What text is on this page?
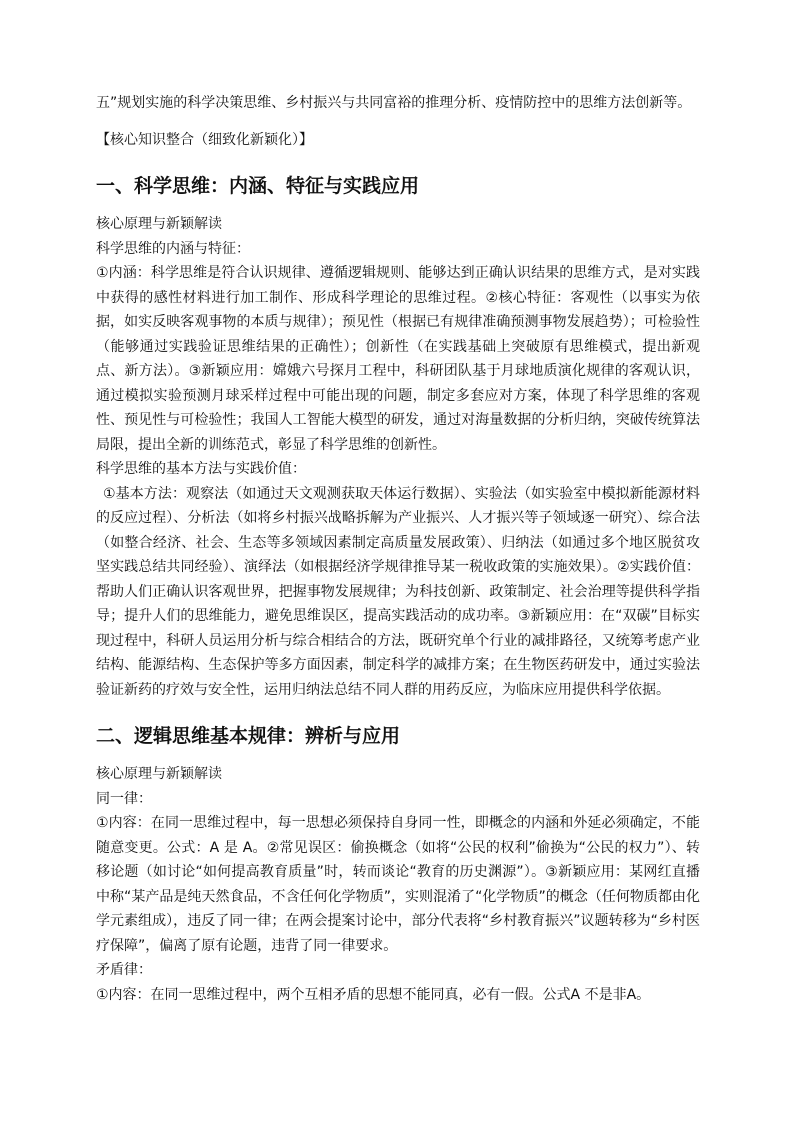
五”规划实施的科学决策思维、乡村振兴与共同富裕的推理分析、疫情防控中的思维方法创新等。

【核心知识整合（细致化新颖化）】

一、科学思维：内涵、特征与实践应用

核心原理与新颖解读

科学思维的内涵与特征：

①内涵：科学思维是符合认识规律、遵循逻辑规则、能够达到正确认识结果的思维方式，是对实践中获得的感性材料进行加工制作、形成科学理论的思维过程。②核心特征：客观性（以事实为依据，如实反映客观事物的本质与规律）；预见性（根据已有规律准确预测事物发展趋势）；可检验性（能够通过实践验证思维结果的正确性）；创新性（在实践基础上突破原有思维模式，提出新观点、新方法）。③新颖应用：嫦娥六号探月工程中，科研团队基于月球地质演化规律的客观认识，通过模拟实验预测月球采样过程中可能出现的问题，制定多套应对方案，体现了科学思维的客观性、预见性与可检验性；我国人工智能大模型的研发，通过对海量数据的分析归纳，突破传统算法局限，提出全新的训练范式，彰显了科学思维的创新性。

科学思维的基本方法与实践价值：

①基本方法：观察法（如通过天文观测获取天体运行数据）、实验法（如实验室中模拟新能源材料的反应过程）、分析法（如将乡村振兴战略拆解为产业振兴、人才振兴等子领域逐一研究）、综合法（如整合经济、社会、生态等多领域因素制定高质量发展政策）、归纳法（如通过多个地区脱贫攻坚实践总结共同经验）、演绎法（如根据经济学规律推导某一税收政策的实施效果）。②实践价值：帮助人们正确认识客观世界，把握事物发展规律；为科技创新、政策制定、社会治理等提供科学指导；提升人们的思维能力，避免思维误区，提高实践活动的成功率。③新颖应用：在“双碳”目标实现过程中，科研人员运用分析与综合相结合的方法，既研究单个行业的减排路径，又统筹考虑产业结构、能源结构、生态保护等多方面因素，制定科学的减排方案；在生物医药研发中，通过实验法验证新药的疗效与安全性，运用归纳法总结不同人群的用药反应，为临床应用提供科学依据。

二、逻辑思维基本规律：辨析与应用

核心原理与新颖解读

同一律：

①内容：在同一思维过程中，每一思想必须保持自身同一性，即概念的内涵和外延必须确定，不能随意变更。公式：A 是 A。②常见误区：偷换概念（如将“公民的权利”偷换为“公民的权力”）、转移论题（如讨论“如何提高教育质量”时，转而谈论“教育的历史渊源”）。③新颖应用：某网红直播中称“某产品是纯天然食品，不含任何化学物质”，实则混淆了“化学物质”的概念（任何物质都由化学元素组成），违反了同一律；在两会提案讨论中，部分代表将“乡村教育振兴”议题转移为“乡村医疗保障”，偏离了原有论题，违背了同一律要求。

矛盾律：

①内容：在同一思维过程中，两个互相矛盾的思想不能同真，必有一假。公式A 不是非A。
